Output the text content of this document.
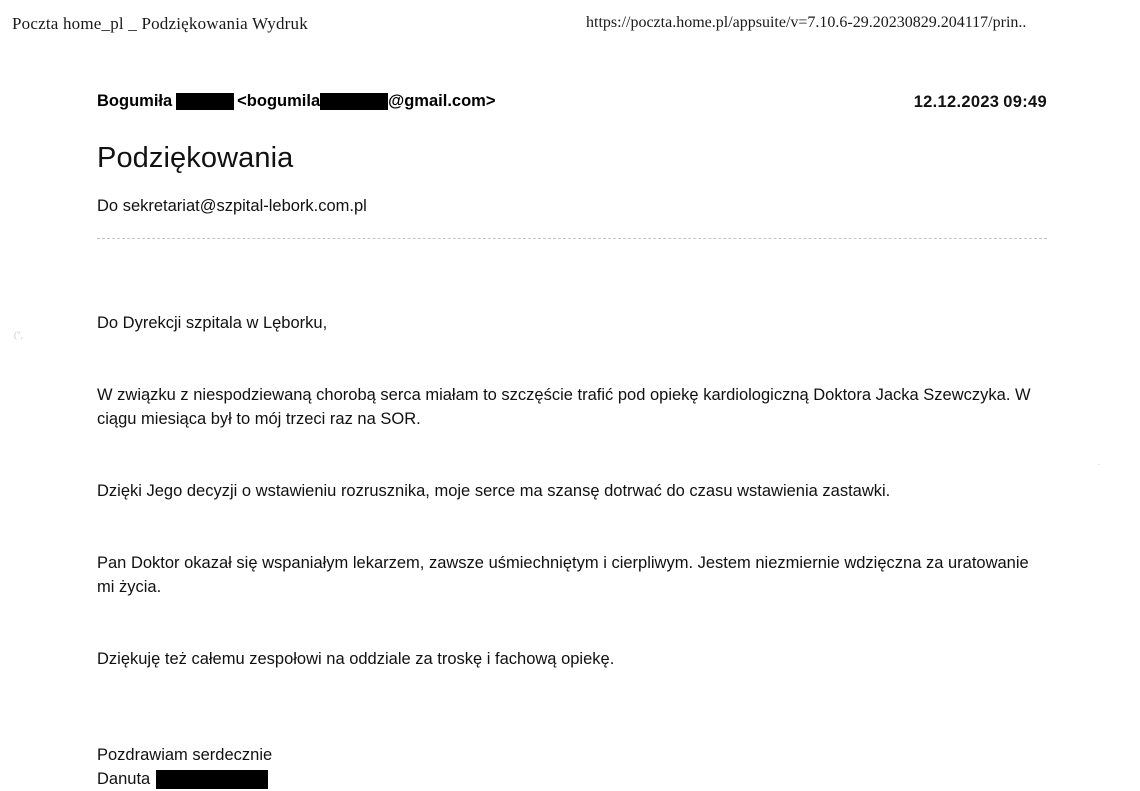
Poczta home_pl _ Podziękowania Wydruk	https://poczta.home.pl/appsuite/v=7.10.6-29.20230829.204117/prin..
Bogumiła	<bogumila	@gmail.com>	12.12.2023 09:49
Podziękowania
Do sekretariat@szpital-lebork.com.pl

Do Dyrekcji szpitala w Lęborku,

W związku z niespodziewaną chorobą serca miałam to szczęście trafić pod opiekę kardiologiczną Doktora Jacka Szewczyka. W ciągu miesiąca był to mój trzeci raz na SOR.

Dzięki Jego decyzji o wstawieniu rozrusznika, moje serce ma szansę dotrwać do czasu wstawienia zastawki.

Pan Doktor okazał się wspaniałym lekarzem, zawsze uśmiechniętym i cierpliwym. Jestem niezmiernie wdzięczna za uratowanie mi życia.

Dziękuję też całemu zespołowi na oddziale za troskę i fachową opiekę.

Pozdrawiam serdecznie
Danuta
(",
.
